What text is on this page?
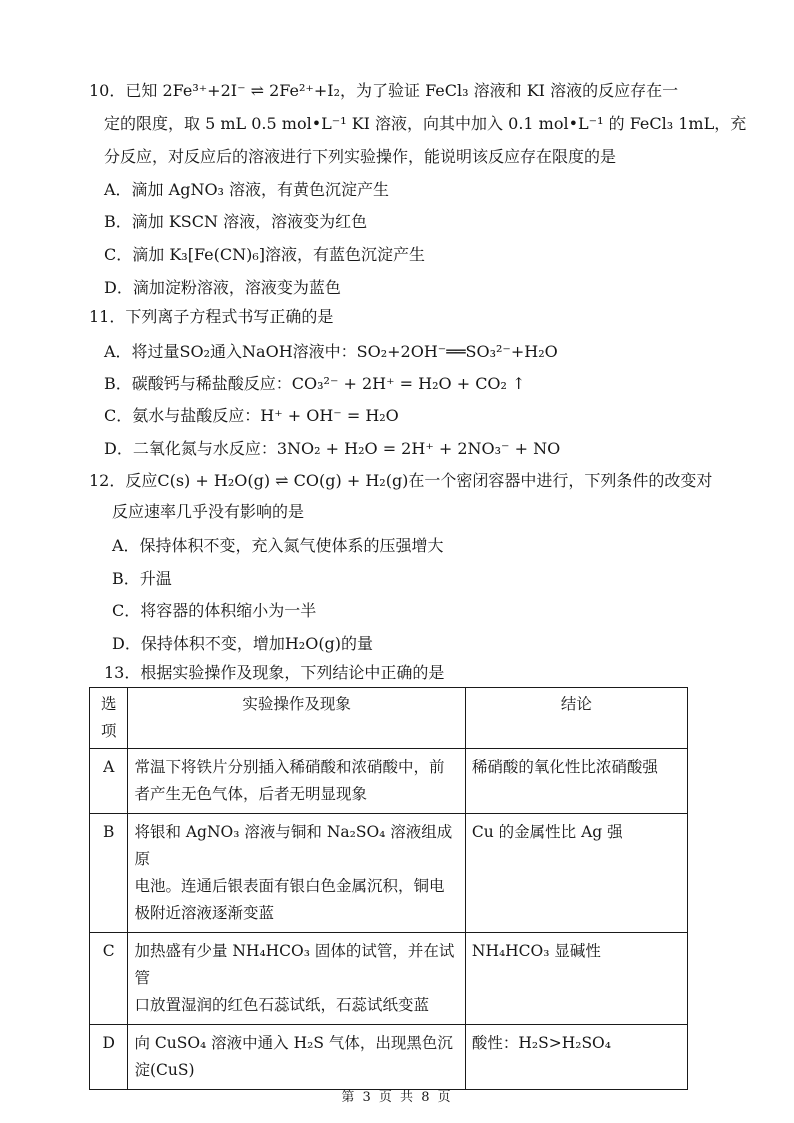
10．已知 2Fe³⁺+2I⁻ ⇌ 2Fe²⁺+I₂，为了验证 FeCl₃ 溶液和 KI 溶液的反应存在一
定的限度，取 5 mL 0.5 mol•L⁻¹ KI 溶液，向其中加入 0.1 mol•L⁻¹ 的 FeCl₃ 1mL，充
分反应，对反应后的溶液进行下列实验操作，能说明该反应存在限度的是
A．滴加 AgNO₃ 溶液，有黄色沉淀产生
B．滴加 KSCN 溶液，溶液变为红色
C．滴加 K₃[Fe(CN)₆]溶液，有蓝色沉淀产生
D．滴加淀粉溶液，溶液变为蓝色
11．下列离子方程式书写正确的是
A．将过量SO₂通入NaOH溶液中：SO₂+2OH⁻══SO₃²⁻+H₂O
B．碳酸钙与稀盐酸反应：CO₃²⁻ + 2H⁺ = H₂O + CO₂ ↑
C．氨水与盐酸反应：H⁺ + OH⁻ = H₂O
D．二氧化氮与水反应：3NO₂ + H₂O = 2H⁺ + 2NO₃⁻ + NO
12．反应C(s) + H₂O(g) ⇌ CO(g) + H₂(g)在一个密闭容器中进行，下列条件的改变对
反应速率几乎没有影响的是
A．保持体积不变，充入氮气使体系的压强增大
B．升温
C．将容器的体积缩小为一半
D．保持体积不变，增加H₂O(g)的量
13．根据实验操作及现象，下列结论中正确的是
选项	实验操作及现象	结论
A	常温下将铁片分别插入稀硝酸和浓硝酸中，前
者产生无色气体，后者无明显现象	稀硝酸的氧化性比浓硝酸强
B	将银和 AgNO₃ 溶液与铜和 Na₂SO₄ 溶液组成原
电池。连通后银表面有银白色金属沉积，铜电
极附近溶液逐渐变蓝	Cu 的金属性比 Ag 强
C	加热盛有少量 NH₄HCO₃ 固体的试管，并在试管
口放置湿润的红色石蕊试纸，石蕊试纸变蓝	NH₄HCO₃ 显碱性
D	向 CuSO₄ 溶液中通入 H₂S 气体，出现黑色沉
淀(CuS)	酸性：H₂S>H₂SO₄
第 3 页 共 8 页
